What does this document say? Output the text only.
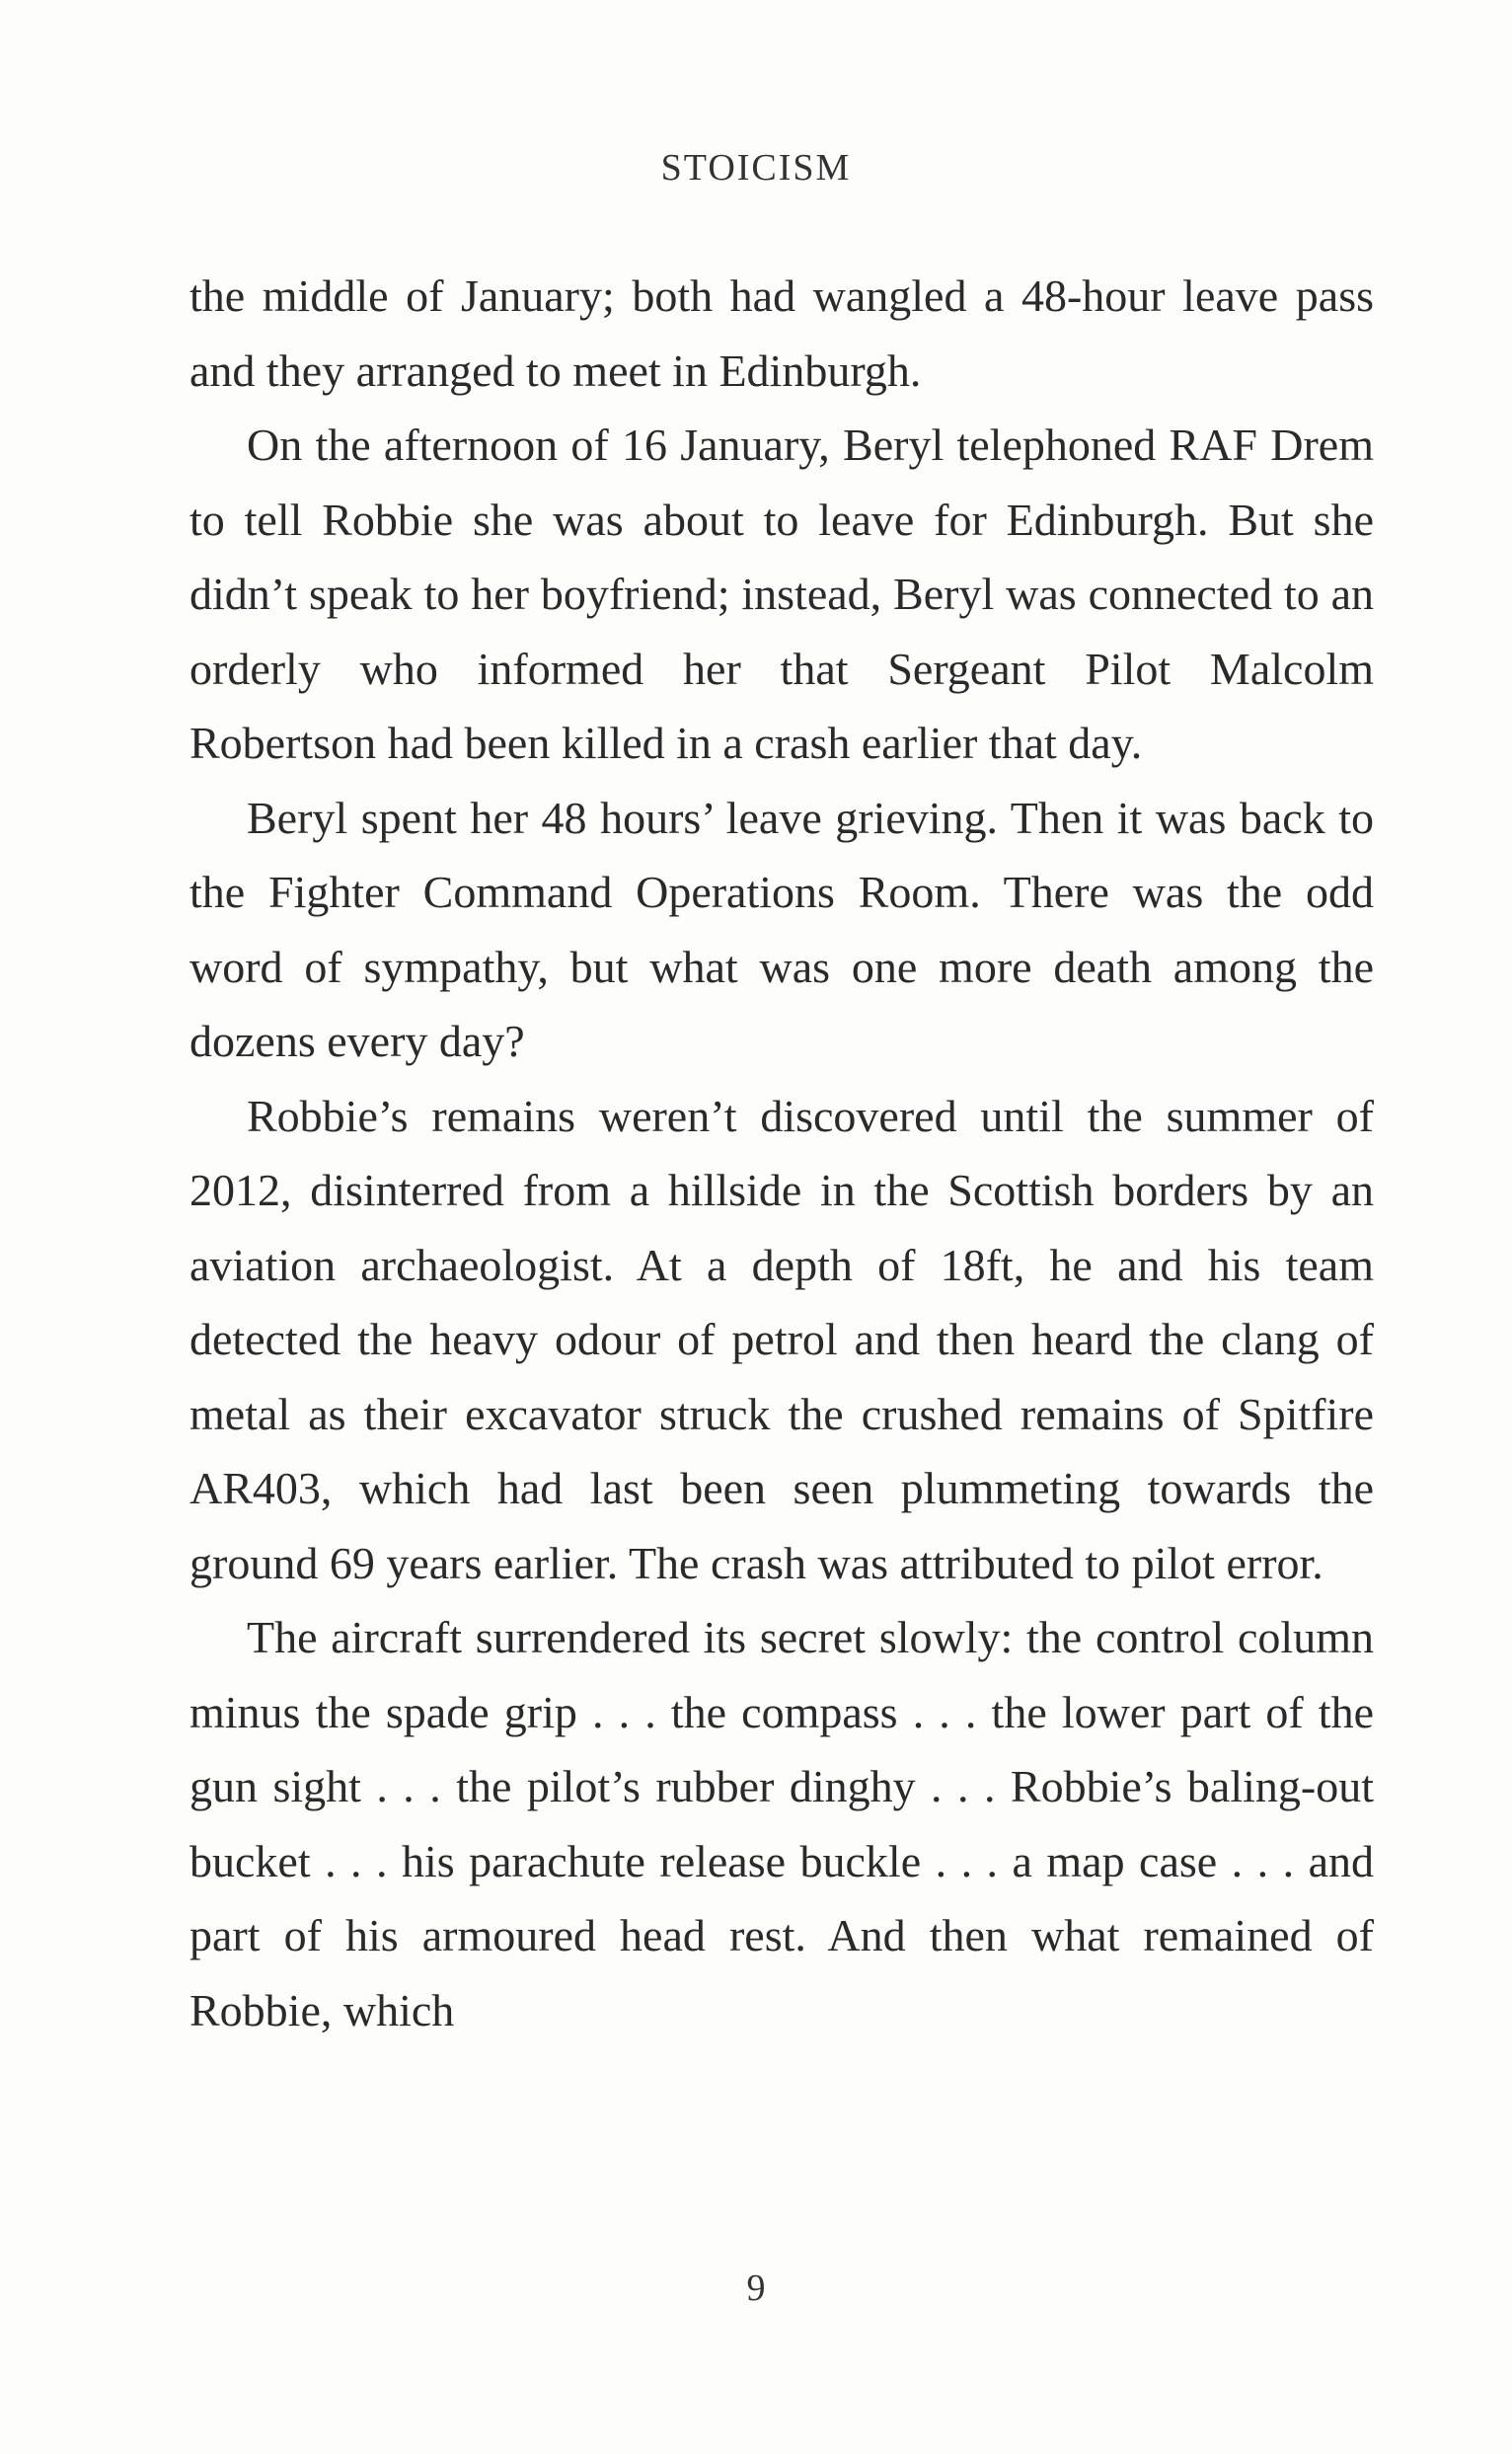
STOICISM

the middle of January; both had wangled a 48-hour leave pass and they arranged to meet in Edinburgh.

On the afternoon of 16 January, Beryl telephoned RAF Drem to tell Robbie she was about to leave for Edinburgh. But she didn’t speak to her boyfriend; instead, Beryl was connected to an orderly who informed her that Sergeant Pilot Malcolm Robertson had been killed in a crash earlier that day.

Beryl spent her 48 hours’ leave grieving. Then it was back to the Fighter Command Operations Room. There was the odd word of sympathy, but what was one more death among the dozens every day?

Robbie’s remains weren’t discovered until the summer of 2012, disinterred from a hillside in the Scottish borders by an aviation archaeologist. At a depth of 18ft, he and his team detected the heavy odour of petrol and then heard the clang of metal as their excavator struck the crushed remains of Spitfire AR403, which had last been seen plummeting towards the ground 69 years earlier. The crash was attributed to pilot error.

The aircraft surrendered its secret slowly: the control column minus the spade grip . . . the compass . . . the lower part of the gun sight . . . the pilot’s rubber dinghy . . . Robbie’s baling-out bucket . . . his parachute release buckle . . . a map case . . . and part of his armoured head rest. And then what remained of Robbie, which

9
